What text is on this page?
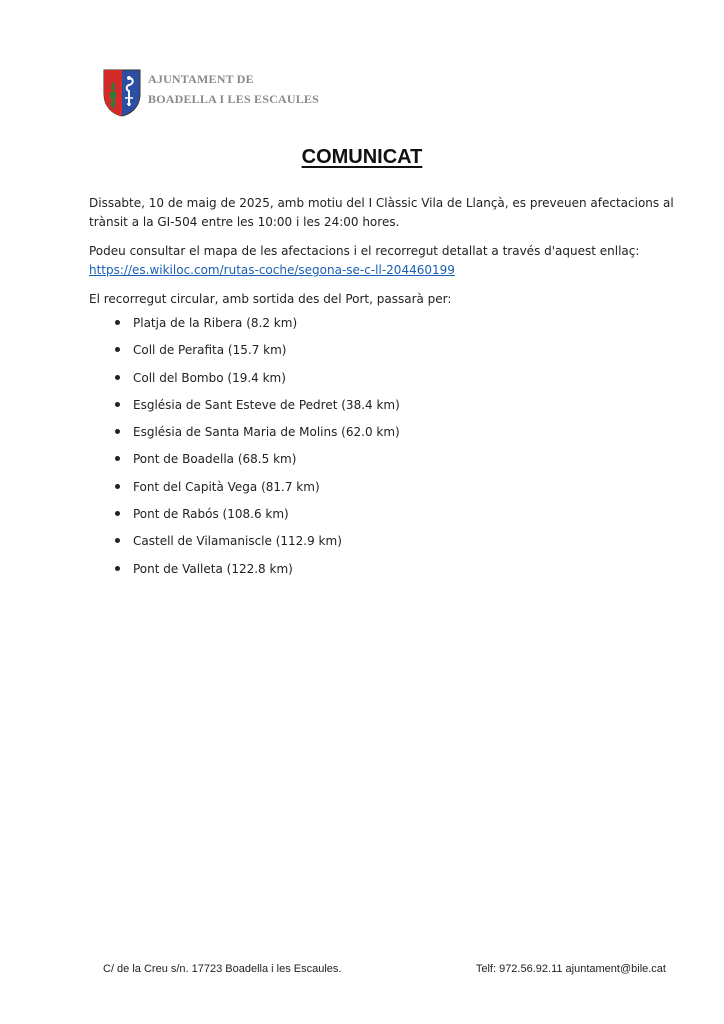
AJUNTAMENT DE
BOADELLA I LES ESCAULES
COMUNICAT

Dissabte, 10 de maig de 2025, amb motiu del I Clàssic Vila de Llançà, es preveuen afectacions al trànsit a la GI-504 entre les 10:00 i les 24:00 hores.

Podeu consultar el mapa de les afectacions i el recorregut detallat a través d'aquest enllaç:
https://es.wikiloc.com/rutas-coche/segona-se-c-ll-204460199

El recorregut circular, amb sortida des del Port, passarà per:

Platja de la Ribera (8.2 km)
Coll de Perafita (15.7 km)
Coll del Bombo (19.4 km)
Església de Sant Esteve de Pedret (38.4 km)
Església de Santa Maria de Molins (62.0 km)
Pont de Boadella (68.5 km)
Font del Capità Vega (81.7 km)
Pont de Rabós (108.6 km)
Castell de Vilamaniscle (112.9 km)
Pont de Valleta (122.8 km)
C/ de la Creu s/n. 17723 Boadella i les Escaules.	Telf: 972.56.92.11 ajuntament@bile.cat
